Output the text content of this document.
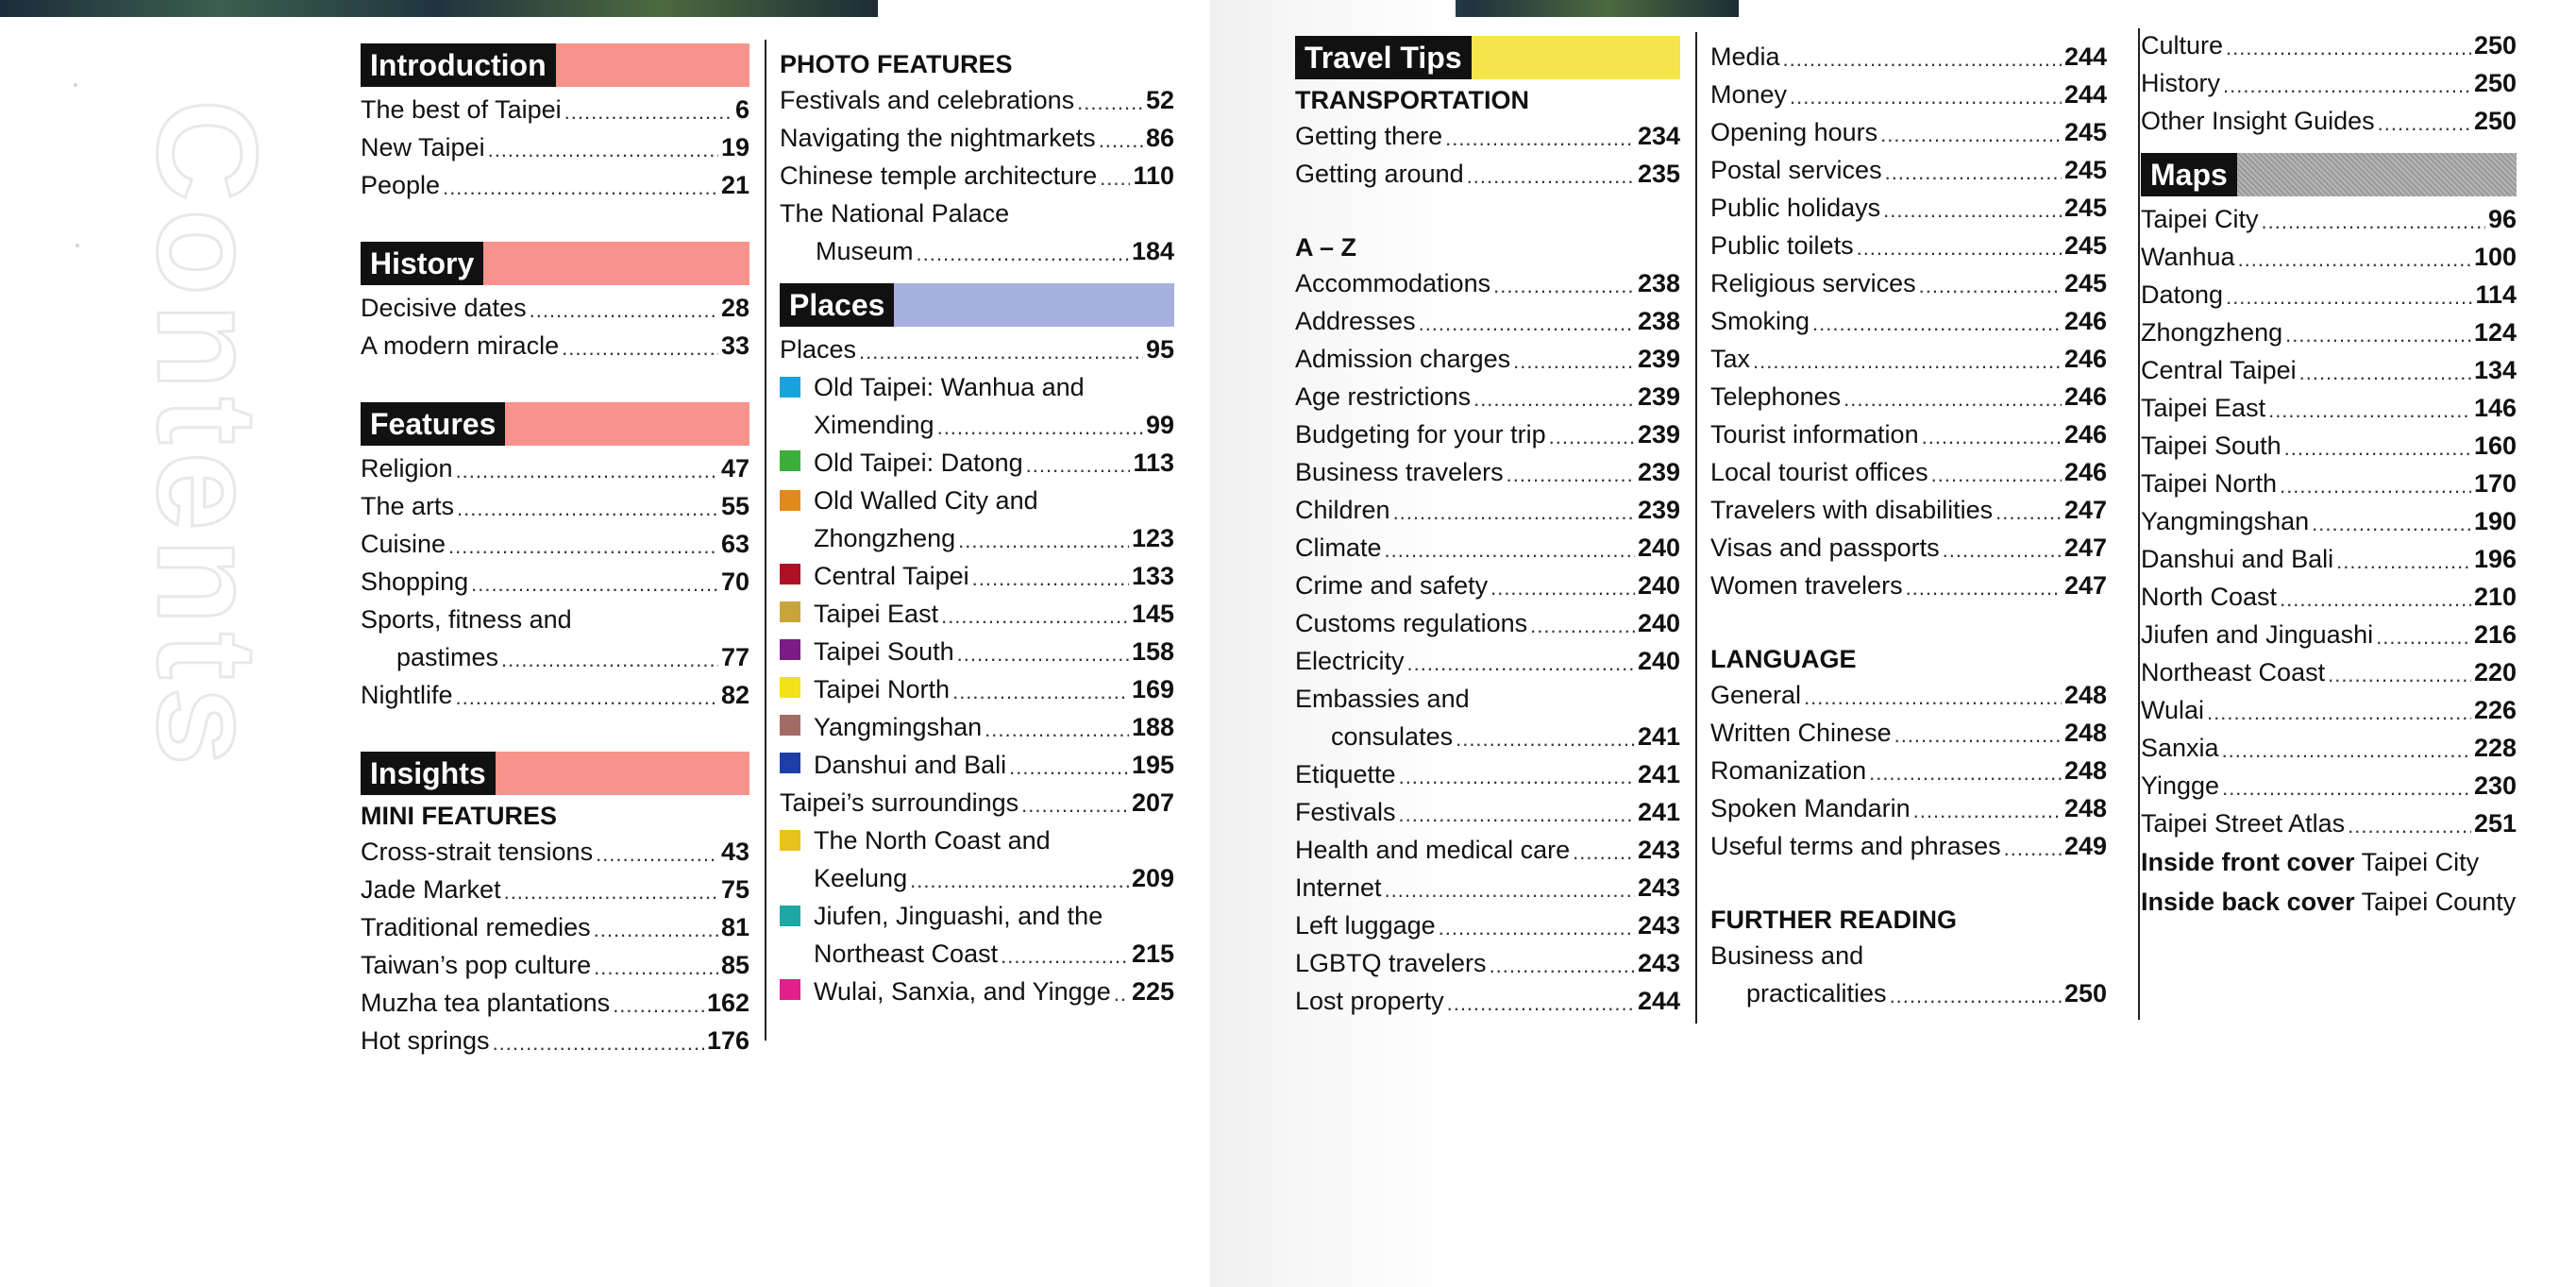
Contents
Introduction
The best of Taipei .....	6
New Taipei .....	19
People .....	21
History
Decisive dates .....	28
A modern miracle .....	33
Features
Religion .....	47
The arts .....	55
Cuisine .....	63
Shopping .....	70
Sports, fitness and
pastimes .....	77
Nightlife .....	82
Insights
MINI FEATURES
Cross-strait tensions .....	43
Jade Market .....	75
Traditional remedies .....	81
Taiwan’s pop culture .....	85
Muzha tea plantations .....	162
Hot springs .....	176
PHOTO FEATURES
Festivals and celebrations .....	52
Navigating the nightmarkets ..... 86
Chinese temple architecture ..... 110
The National Palace
Museum .....	184
Places
Places .....	95
Old Taipei: Wanhua and
Ximending .....	99
Old Taipei: Datong .....	113
Old Walled City and
Zhongzheng .....	123
Central Taipei .....	133
Taipei East .....	145
Taipei South .....	158
Taipei North .....	169
Yangmingshan .....	188
Danshui and Bali .....	195
Taipei’s surroundings .....	207
The North Coast and
Keelung .....	209
Jiufen, Jinguashi, and the
Northeast Coast .....	215
Wulai, Sanxia, and Yingge ..... 225
Travel Tips
TRANSPORTATION
Getting there .....	234
Getting around .....	235
A – Z
Accommodations .....	238
Addresses .....	238
Admission charges .....	239
Age restrictions .....	239
Budgeting for your trip .....	239
Business travelers .....	239
Children .....	239
Climate .....	240
Crime and safety .....	240
Customs regulations .....	240
Electricity .....	240
Embassies and
consulates .....	241
Etiquette .....	241
Festivals .....	241
Health and medical care .....	243
Internet .....	243
Left luggage .....	243
LGBTQ travelers .....	243
Lost property .....	244
Media .....	244
Money .....	244
Opening hours .....	245
Postal services .....	245
Public holidays .....	245
Public toilets .....	245
Religious services .....	245
Smoking .....	246
Tax .....	246
Telephones .....	246
Tourist information .....	246
Local tourist offices .....	246
Travelers with disabilities .....	247
Visas and passports .....	247
Women travelers .....	247
LANGUAGE
General .....	248
Written Chinese .....	248
Romanization .....	248
Spoken Mandarin .....	248
Useful terms and phrases ..... 249
FURTHER READING
Business and
practicalities .....	250
Culture .....	250
History .....	250
Other Insight Guides .....	250
Maps
Taipei City .....	96
Wanhua .....	100
Datong .....	114
Zhongzheng .....	124
Central Taipei .....	134
Taipei East .....	146
Taipei South .....	160
Taipei North .....	170
Yangmingshan .....	190
Danshui and Bali .....	196
North Coast .....	210
Jiufen and Jinguashi .....	216
Northeast Coast .....	220
Wulai .....	226
Sanxia .....	228
Yingge .....	230
Taipei Street Atlas .....	251
Inside front cover Taipei City
Inside back cover Taipei County
